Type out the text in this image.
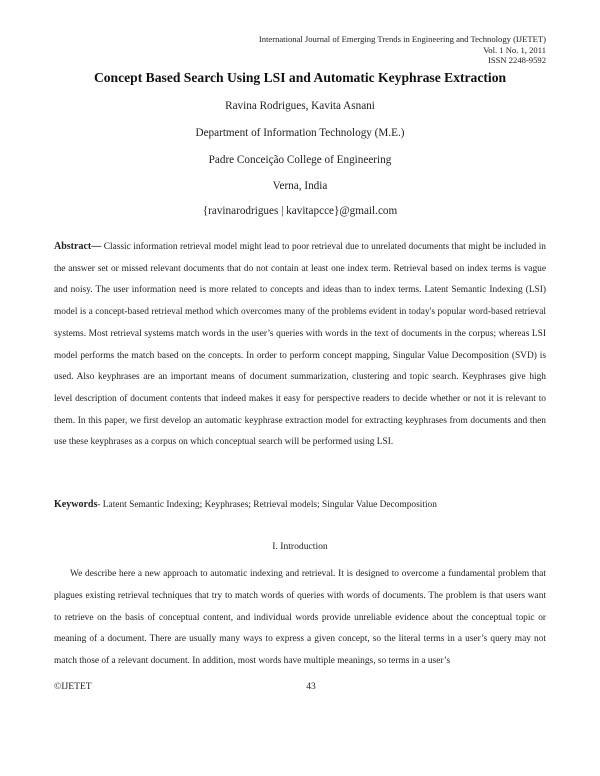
International Journal of Emerging Trends in Engineering and Technology (IJETET)
Vol. 1 No. 1, 2011
ISSN 2248-9592
Concept Based Search Using LSI and Automatic Keyphrase Extraction
Ravina Rodrigues, Kavita Asnani
Department of Information Technology (M.E.)
Padre Conceição College of Engineering
Verna, India
{ravinarodrigues | kavitapcce}@gmail.com
Abstract— Classic information retrieval model might lead to poor retrieval due to unrelated documents that might be included in the answer set or missed relevant documents that do not contain at least one index term. Retrieval based on index terms is vague and noisy. The user information need is more related to concepts and ideas than to index terms. Latent Semantic Indexing (LSI) model is a concept-based retrieval method which overcomes many of the problems evident in today's popular word-based retrieval systems. Most retrieval systems match words in the user’s queries with words in the text of documents in the corpus; whereas LSI model performs the match based on the concepts. In order to perform concept mapping, Singular Value Decomposition (SVD) is used. Also keyphrases are an important means of document summarization, clustering and topic search. Keyphrases give high level description of document contents that indeed makes it easy for perspective readers to decide whether or not it is relevant to them. In this paper, we first develop an automatic keyphrase extraction model for extracting keyphrases from documents and then use these keyphrases as a corpus on which conceptual search will be performed using LSI.
Keywords- Latent Semantic Indexing; Keyphrases; Retrieval models; Singular Value Decomposition
I. Introduction
We describe here a new approach to automatic indexing and retrieval. It is designed to overcome a fundamental problem that plagues existing retrieval techniques that try to match words of queries with words of documents. The problem is that users want to retrieve on the basis of conceptual content, and individual words provide unreliable evidence about the conceptual topic or meaning of a document. There are usually many ways to express a given concept, so the literal terms in a user’s query may not match those of a relevant document. In addition, most words have multiple meanings, so terms in a user’s
©IJETET	43
